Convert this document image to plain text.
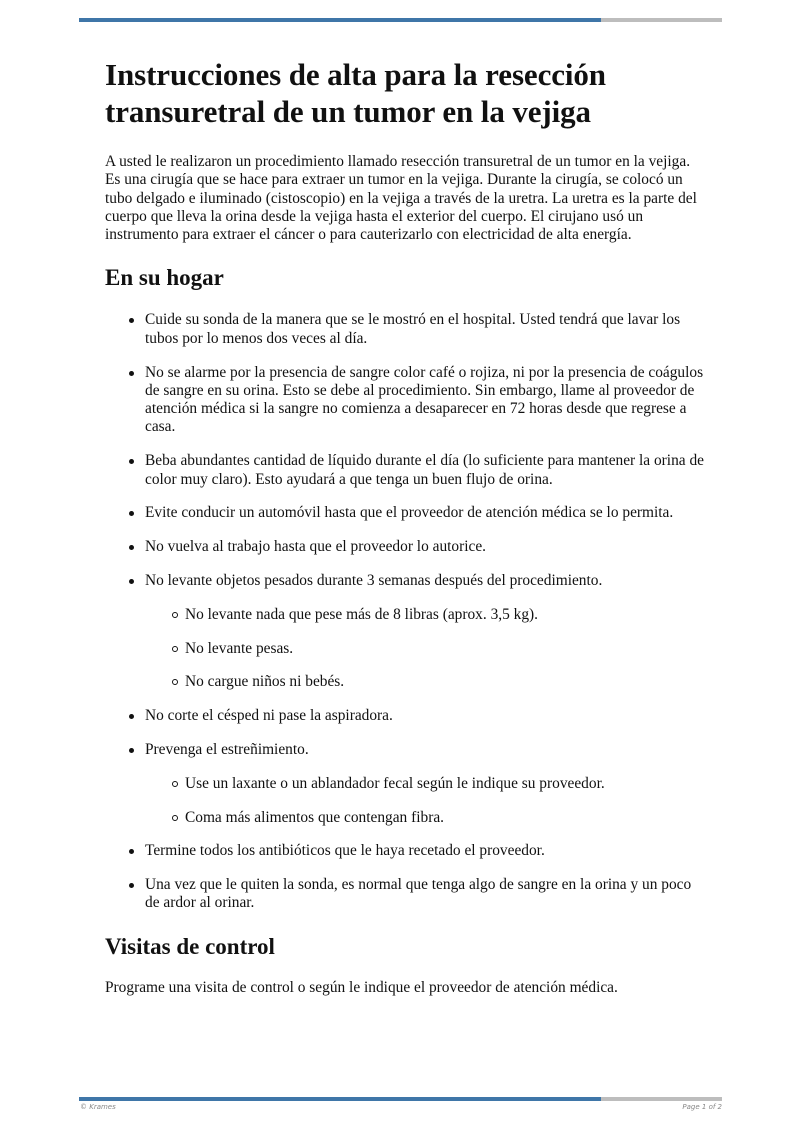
Instrucciones de alta para la resección transuretral de un tumor en la vejiga

A usted le realizaron un procedimiento llamado resección transuretral de un tumor en la vejiga. Es una cirugía que se hace para extraer un tumor en la vejiga. Durante la cirugía, se colocó un tubo delgado e iluminado (cistoscopio) en la vejiga a través de la uretra. La uretra es la parte del cuerpo que lleva la orina desde la vejiga hasta el exterior del cuerpo. El cirujano usó un instrumento para extraer el cáncer o para cauterizarlo con electricidad de alta energía.

En su hogar
Cuide su sonda de la manera que se le mostró en el hospital. Usted tendrá que lavar los tubos por lo menos dos veces al día.
No se alarme por la presencia de sangre color café o rojiza, ni por la presencia de coágulos de sangre en su orina. Esto se debe al procedimiento. Sin embargo, llame al proveedor de atención médica si la sangre no comienza a desaparecer en 72 horas desde que regrese a casa.
Beba abundantes cantidad de líquido durante el día (lo suficiente para mantener la orina de color muy claro). Esto ayudará a que tenga un buen flujo de orina.
Evite conducir un automóvil hasta que el proveedor de atención médica se lo permita.
No vuelva al trabajo hasta que el proveedor lo autorice.
No levante objetos pesados durante 3 semanas después del procedimiento.
No levante nada que pese más de 8 libras (aprox. 3,5 kg).
No levante pesas.
No cargue niños ni bebés.
No corte el césped ni pase la aspiradora.
Prevenga el estreñimiento.
Use un laxante o un ablandador fecal según le indique su proveedor.
Coma más alimentos que contengan fibra.
Termine todos los antibióticos que le haya recetado el proveedor.
Una vez que le quiten la sonda, es normal que tenga algo de sangre en la orina y un poco de ardor al orinar.
Visitas de control

Programe una visita de control o según le indique el proveedor de atención médica.

© Krames	Page 1 of 2
